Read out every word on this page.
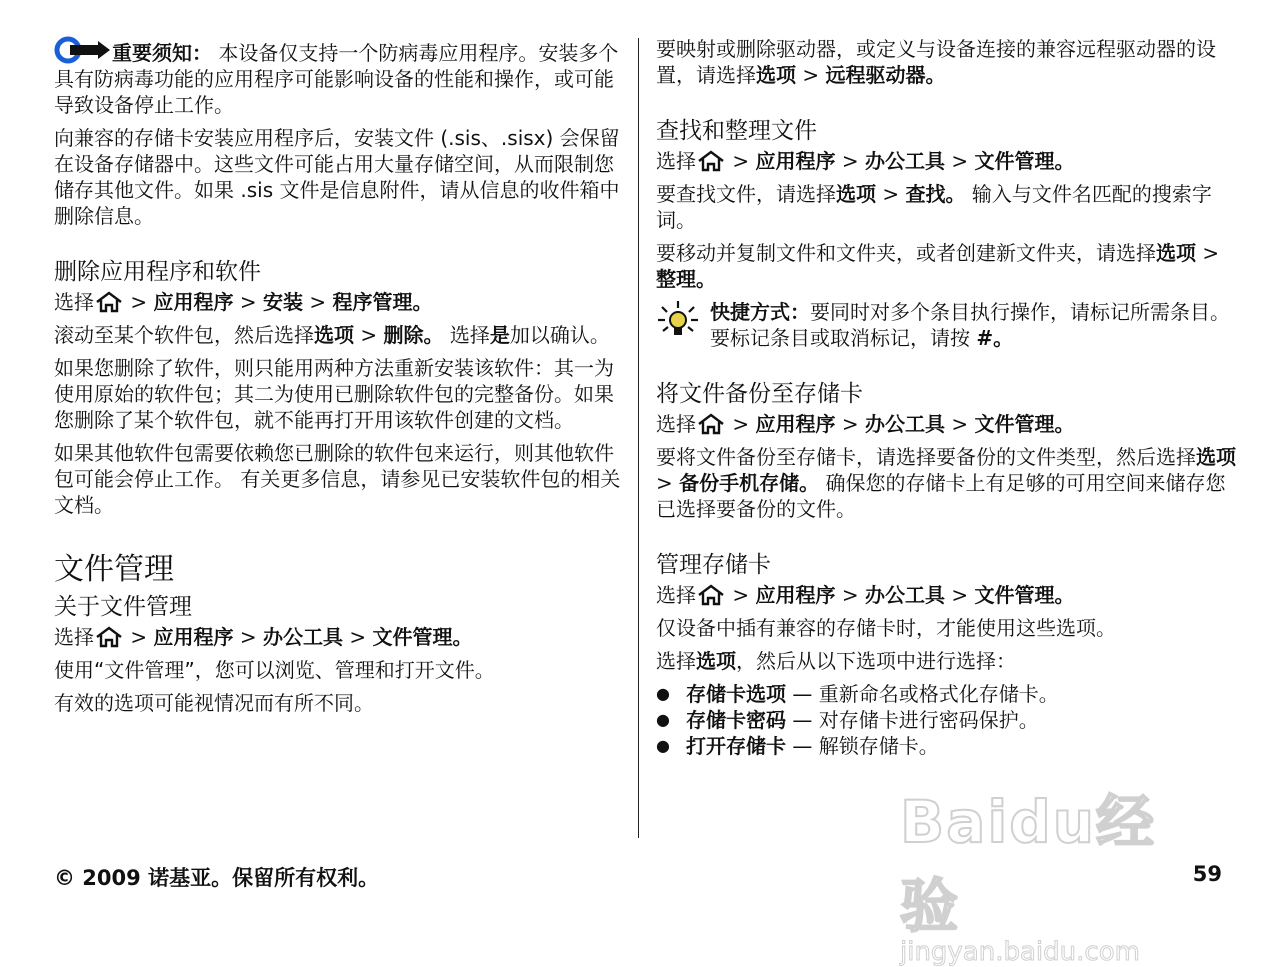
重要须知： 本设备仅支持一个防病毒应用程序。安装多个具有防病毒功能的应用程序可能影响设备的性能和操作，或可能导致设备停止工作。

向兼容的存储卡安装应用程序后，安装文件 (.sis、.sisx) 会保留在设备存储器中。这些文件可能占用大量存储空间，从而限制您储存其他文件。如果 .sis 文件是信息附件，请从信息的收件箱中删除信息。

删除应用程序和软件
选择 > 应用程序 > 安装 > 程序管理。

滚动至某个软件包，然后选择选项 > 删除。 选择是加以确认。

如果您删除了软件，则只能用两种方法重新安装该软件：其一为使用原始的软件包；其二为使用已删除软件包的完整备份。如果您删除了某个软件包，就不能再打开用该软件创建的文档。

如果其他软件包需要依赖您已删除的软件包来运行，则其他软件包可能会停止工作。 有关更多信息，请参见已安装软件包的相关文档。

文件管理
关于文件管理
选择 > 应用程序 > 办公工具 > 文件管理。

使用“文件管理”，您可以浏览、管理和打开文件。

有效的选项可能视情况而有所不同。

要映射或删除驱动器，或定义与设备连接的兼容远程驱动器的设置，请选择选项 > 远程驱动器。

查找和整理文件
选择 > 应用程序 > 办公工具 > 文件管理。

要查找文件，请选择选项 > 查找。 输入与文件名匹配的搜索字词。

要移动并复制文件和文件夹，或者创建新文件夹，请选择选项 > 整理。

快捷方式：要同时对多个条目执行操作，请标记所需条目。 要标记条目或取消标记，请按 #。

将文件备份至存储卡
选择 > 应用程序 > 办公工具 > 文件管理。

要将文件备份至存储卡，请选择要备份的文件类型，然后选择选项 > 备份手机存储。 确保您的存储卡上有足够的可用空间来储存您已选择要备份的文件。

管理存储卡
选择 > 应用程序 > 办公工具 > 文件管理。

仅设备中插有兼容的存储卡时，才能使用这些选项。

选择选项，然后从以下选项中进行选择：

● 存储卡选项 — 重新命名或格式化存储卡。
● 存储卡密码 — 对存储卡进行密码保护。
● 打开存储卡 — 解锁存储卡。
Baidu经验
jingyan.baidu.com
© 2009 诺基亚。保留所有权利。	59
